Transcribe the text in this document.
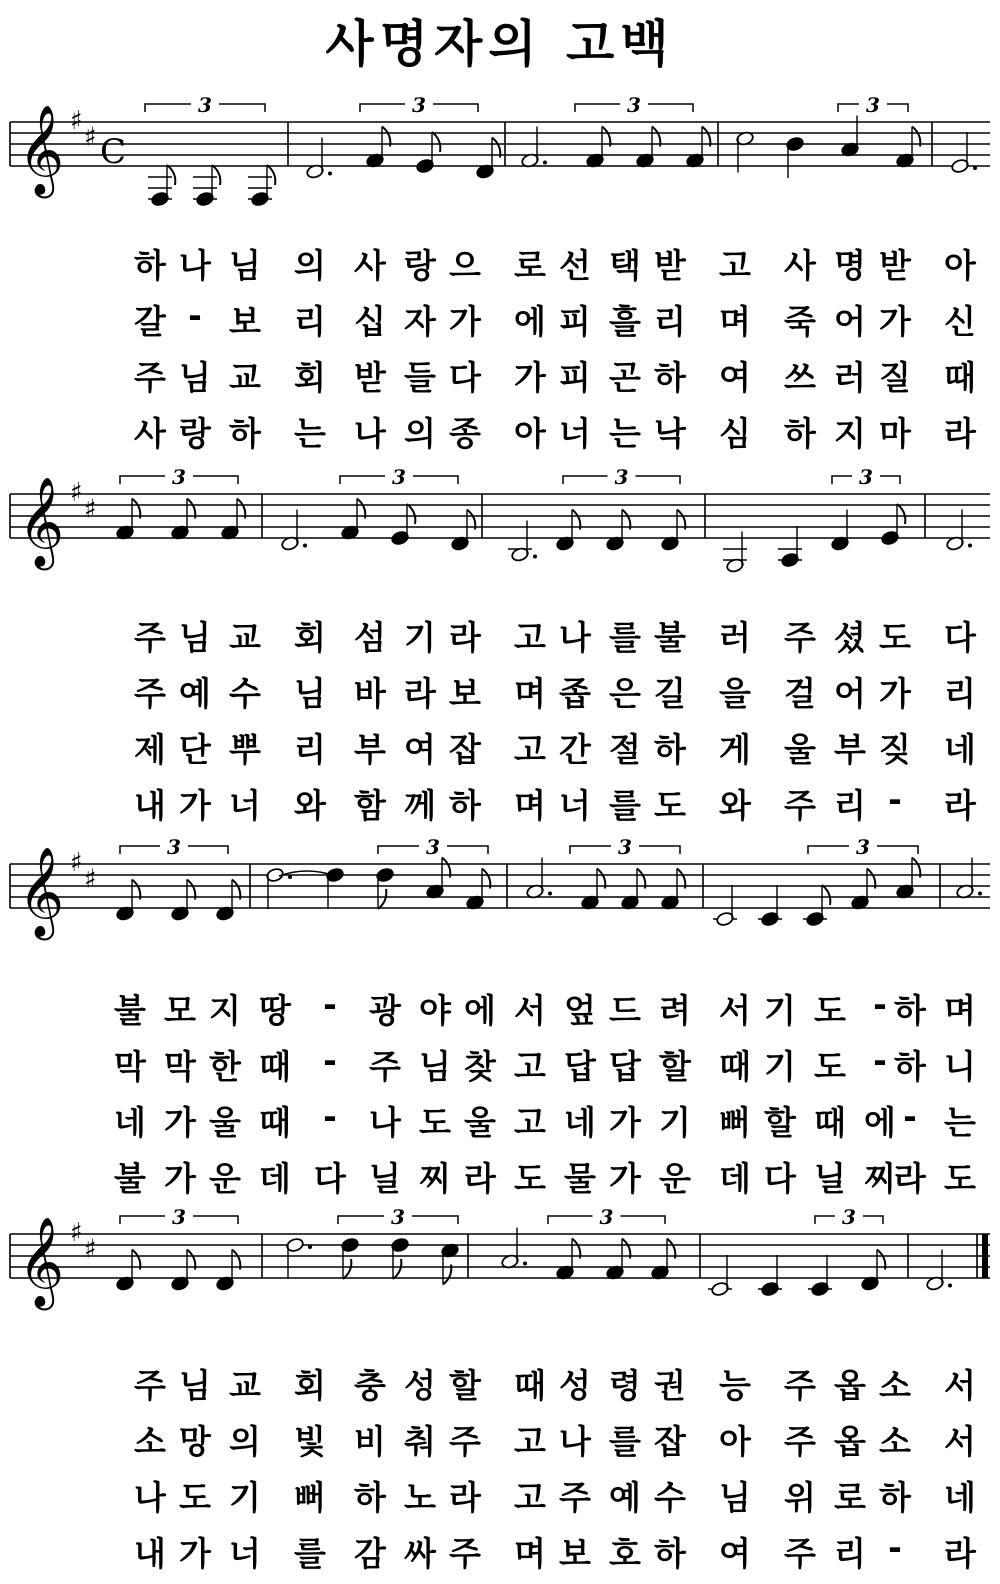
사명자의 고백
𝄞 ♯
♯ C
3	3	3	3
하 나 님 의 사 랑 으 로 선 택 받 고 사 명 받 아
갈 - 보 리 십 자 가 에 피 흘 리 며 죽 어 가 신
주 님 교 회 받 들 다 가 피 곤 하 여 쓰 러 질 때
사 랑 하 는 나 의 종 아 너 는 낙 심 하 지 마 라
𝄞 ♯
♯
3	3	3	3
주 님 교 회 섬 기 라 고 나 를 불 러 주 셨 도 다
주 예 수 님 바 라 보 며 좁 은 길 을 걸 어 가 리
제 단 뿌 리 부 여 잡 고 간 절 하 게 울 부 짖 네
내 가 너 와 함 께 하 며 너 를 도 와 주 리 - 라
𝄞 ♯
♯
3	3	3	3
불 모 지 땅 - 광 야 에 서 엎 드 려 서 기 도 - 하 며
막 막 한 때 - 주 님 찾 고 답 답 할 때 기 도 - 하 니
네 가 울 때 - 나 도 울 고 네 가 기 뻐 할 때 에 - 는
불 가 운 데 다 닐 찌 라 도 물 가 운 데 다 닐 찌
라 도
𝄞 ♯
♯
3	3	3	3
주 님 교 회 충 성 할 때 성 령 권 능 주 옵 소 서
소 망 의 빛 비 춰 주 고 나 를 잡 아 주 옵 소 서
나 도 기 뻐 하 노 라 고 주 예 수 님 위 로 하 네
내 가 너 를 감 싸 주 며 보 호 하 여 주 리 - 라
